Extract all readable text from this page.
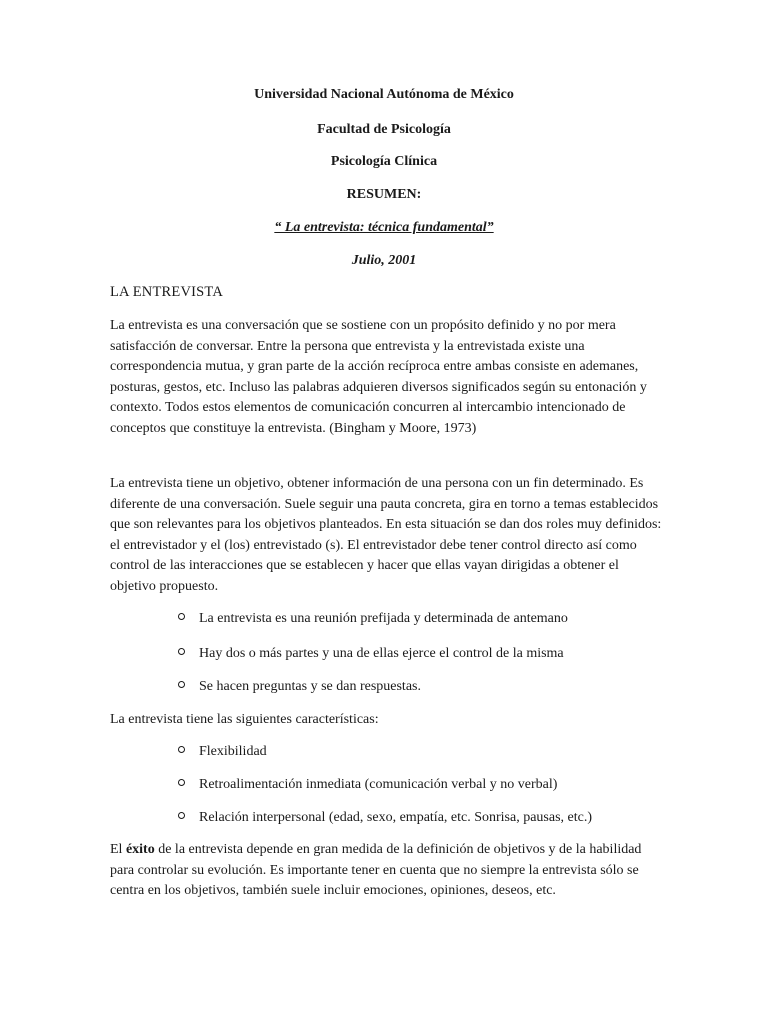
Universidad Nacional Autónoma de México
Facultad de Psicología
Psicología Clínica
RESUMEN:
“ La entrevista: técnica fundamental”
Julio, 2001
LA ENTREVISTA

La entrevista es una conversación que se sostiene con un propósito definido y no por mera satisfacción de conversar. Entre la persona que entrevista y la entrevistada existe una correspondencia mutua, y gran parte de la acción recíproca entre ambas consiste en ademanes, posturas, gestos, etc. Incluso las palabras adquieren diversos significados según su entonación y contexto. Todos estos elementos de comunicación concurren al intercambio intencionado de conceptos que constituye la entrevista. (Bingham y Moore, 1973)

La entrevista tiene un objetivo, obtener información de una persona con un fin determinado. Es diferente de una conversación. Suele seguir una pauta concreta, gira en torno a temas establecidos que son relevantes para los objetivos planteados. En esta situación se dan dos roles muy definidos: el entrevistador y el (los) entrevistado (s). El entrevistador debe tener control directo así como control de las interacciones que se establecen y hacer que ellas vayan dirigidas a obtener el objetivo propuesto.

La entrevista es una reunión prefijada y determinada de antemano
Hay dos o más partes y una de ellas ejerce el control de la misma
Se hacen preguntas y se dan respuestas.

La entrevista tiene las siguientes características:

Flexibilidad
Retroalimentación inmediata (comunicación verbal y no verbal)
Relación interpersonal (edad, sexo, empatía, etc. Sonrisa, pausas, etc.)

El éxito de la entrevista depende en gran medida de la definición de objetivos y de la habilidad para controlar su evolución. Es importante tener en cuenta que no siempre la entrevista sólo se centra en los objetivos, también suele incluir emociones, opiniones, deseos, etc.
